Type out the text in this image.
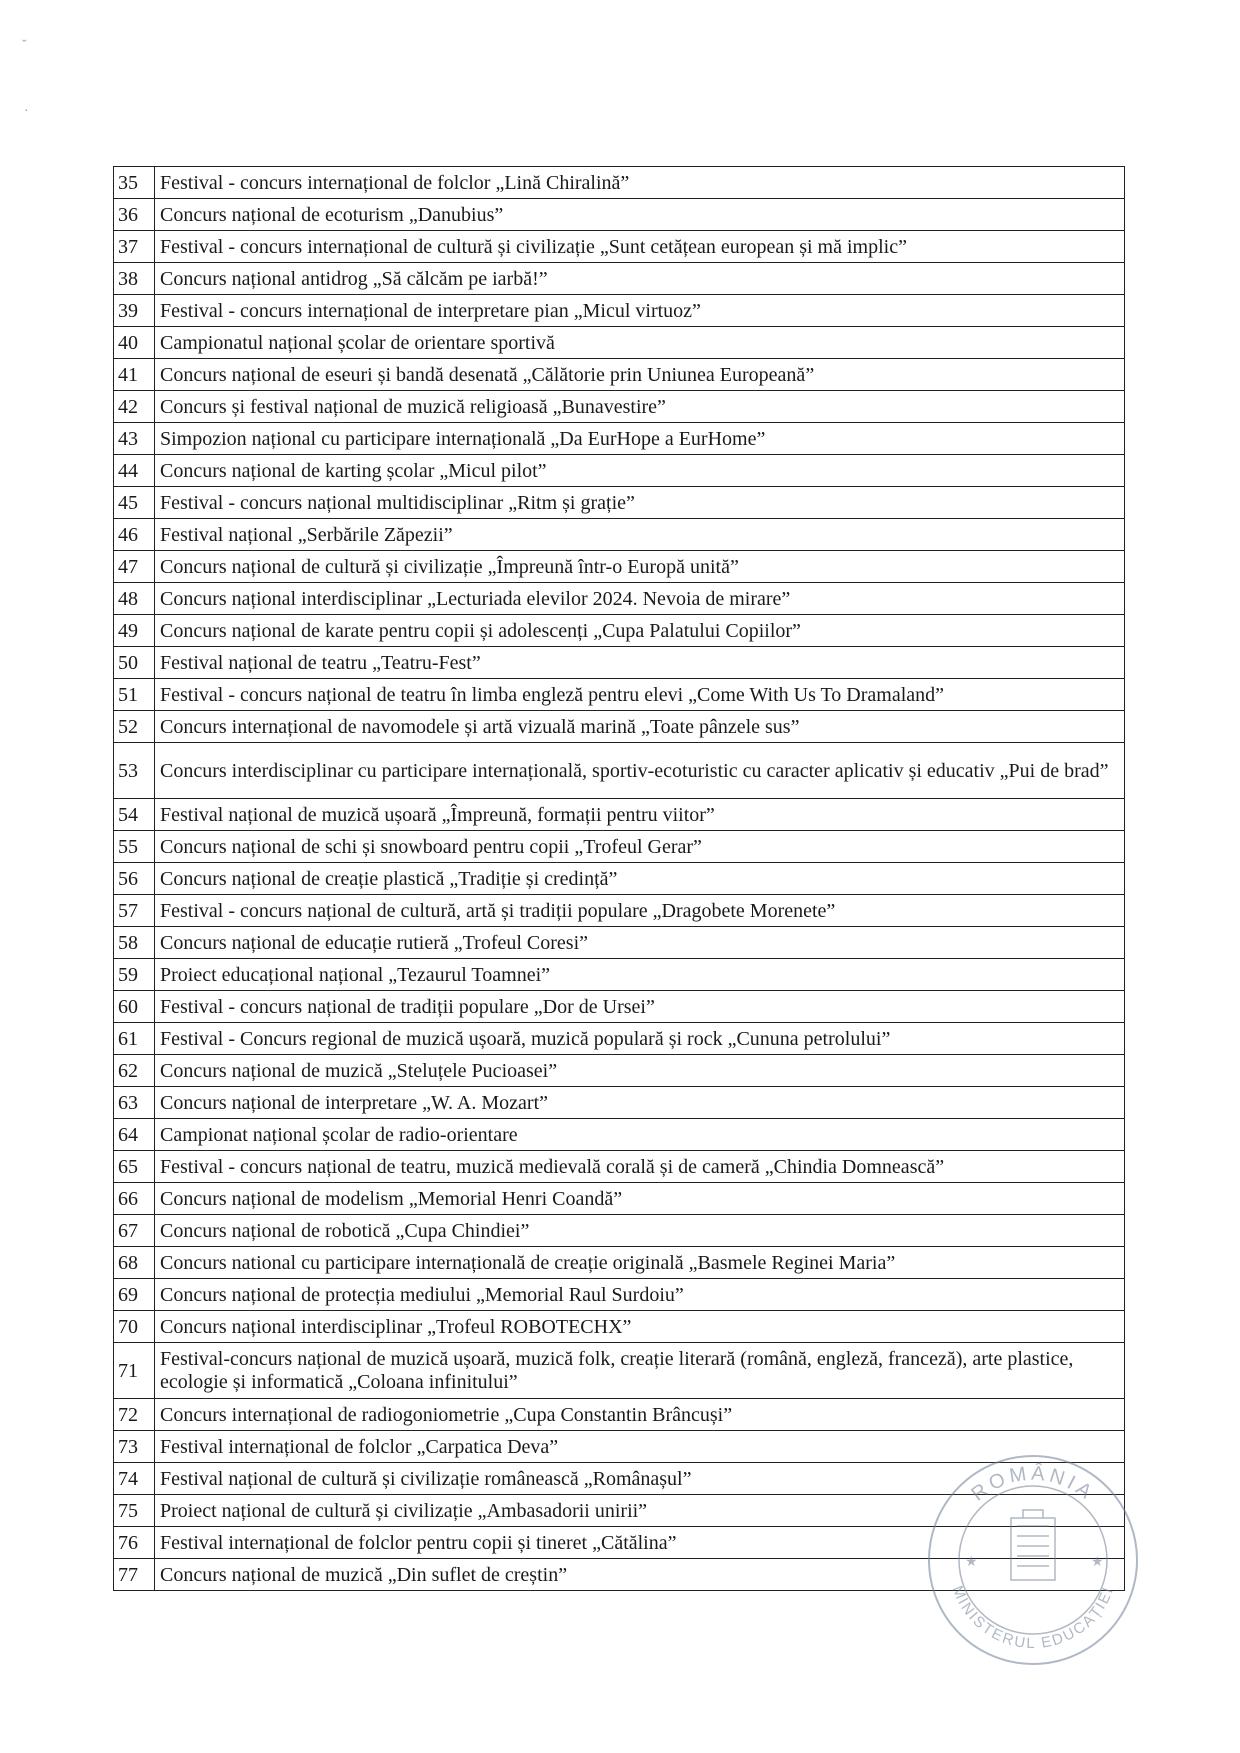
˘
·
35	Festival - concurs internațional de folclor „Lină Chiralină”
36	Concurs național de ecoturism „Danubius”
37	Festival - concurs internațional de cultură și civilizație „Sunt cetățean european și mă implic”
38	Concurs național antidrog „Să călcăm pe iarbă!”
39	Festival - concurs internațional de interpretare pian „Micul virtuoz”
40	Campionatul național școlar de orientare sportivă
41	Concurs național de eseuri și bandă desenată „Călătorie prin Uniunea Europeană”
42	Concurs și festival național de muzică religioasă „Bunavestire”
43	Simpozion național cu participare internațională „Da EurHope a EurHome”
44	Concurs național de karting școlar „Micul pilot”
45	Festival - concurs național multidisciplinar „Ritm și grație”
46	Festival național „Serbările Zăpezii”
47	Concurs național de cultură și civilizație „Împreună într-o Europă unită”
48	Concurs național interdisciplinar „Lecturiada elevilor 2024. Nevoia de mirare”
49	Concurs național de karate pentru copii și adolescenți „Cupa Palatului Copiilor”
50	Festival național de teatru „Teatru-Fest”
51	Festival - concurs național de teatru în limba engleză pentru elevi „Come With Us To Dramaland”
52	Concurs internațional de navomodele și artă vizuală marină „Toate pânzele sus”
53	Concurs interdisciplinar cu participare internațională, sportiv-ecoturistic cu caracter aplicativ și educativ „Pui de brad”
54	Festival național de muzică ușoară „Împreună, formații pentru viitor”
55	Concurs național de schi și snowboard pentru copii „Trofeul Gerar”
56	Concurs național de creație plastică „Tradiție și credință”
57	Festival - concurs național de cultură, artă și tradiții populare „Dragobete Morenete”
58	Concurs național de educație rutieră „Trofeul Coresi”
59	Proiect educațional național „Tezaurul Toamnei”
60	Festival - concurs național de tradiții populare „Dor de Ursei”
61	Festival - Concurs regional de muzică ușoară, muzică populară și rock „Cununa petrolului”
62	Concurs național de muzică „Steluțele Pucioasei”
63	Concurs național de interpretare „W. A. Mozart”
64	Campionat național școlar de radio-orientare
65	Festival - concurs național de teatru, muzică medievală corală și de cameră „Chindia Domnească”
66	Concurs național de modelism „Memorial Henri Coandă”
67	Concurs național de robotică „Cupa Chindiei”
68	Concurs national cu participare internațională de creație originală „Basmele Reginei Maria”
69	Concurs național de protecția mediului „Memorial Raul Surdoiu”
70	Concurs național interdisciplinar „Trofeul ROBOTECHX”
71	Festival-concurs național de muzică ușoară, muzică folk, creație literară (română, engleză, franceză), arte plastice, ecologie și informatică „Coloana infinitului”
72	Concurs internațional de radiogoniometrie „Cupa Constantin Brâncuși”
73	Festival internațional de folclor „Carpatica Deva”
74	Festival național de cultură și civilizație românească „Românașul”
75	Proiect național de cultură și civilizație „Ambasadorii unirii”
76	Festival internațional de folclor pentru copii și tineret „Cătălina”
77	Concurs național de muzică „Din suflet de creștin”
ROMÂNIA
MINISTERUL EDUCAȚIEI
★	★
